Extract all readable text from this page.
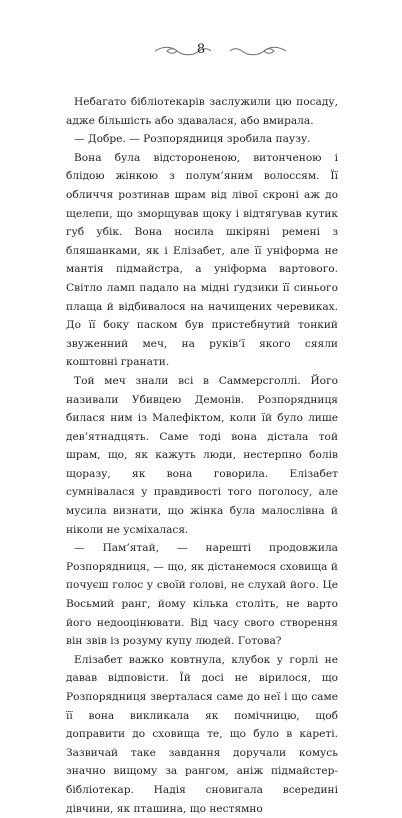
8

Небагато бібліотекарів заслужили цю посаду, адже більшість або здавалася, або вмирала.

— Добре. — Розпорядниця зробила паузу.

Вона була відстороненою, витонченою і блідою жінкою з полум’яним волоссям. Її обличчя розтинав шрам від лівої скроні аж до щелепи, що зморщував щоку і відтягував кутик губ убік. Вона носила шкіряні ремені з бляшанками, як і Елізабет, але її уніформа не мантія підмайстра, а уніформа вартового. Світло ламп падало на мідні ґудзики її синього плаща й відбивалося на начищених черевиках. До її боку паском був пристебнутий тонкий звуженний меч, на руків’ї якого сяяли коштовні гранати.

Той меч знали всі в Саммерсголлі. Його називали Убивцею Демонів. Розпорядниця билася ним із Малефіктом, коли їй було лише дев’ятнадцять. Саме тоді вона дістала той шрам, що, як кажуть люди, нестерпно болів щоразу, як вона говорила. Елізабет сумнівалася у правдивості того поголосу, але мусила визнати, що жінка була малослівна й ніколи не усміхалася.

— Пам’ятай, — нарешті продовжила Розпорядниця, — що, як дістанемося сховища й почуєш голос у своїй голові, не слухай його. Це Восьмий ранг, йому кілька століть, не варто його недооцінювати. Від часу свого створення він звів із розуму купу людей. Готова?

Елізабет важко ковтнула, клубок у горлі не давав відповісти. Їй досі не вірилося, що Розпорядниця зверталася саме до неї і що саме її вона викликала як помічницю, щоб доправити до сховища те, що було в кареті. Зазвичай таке завдання доручали комусь значно вищому за рангом, аніж підмайстер-бібліотекар. Надія сновигала всередині дівчини, як пташина, що нестямно
